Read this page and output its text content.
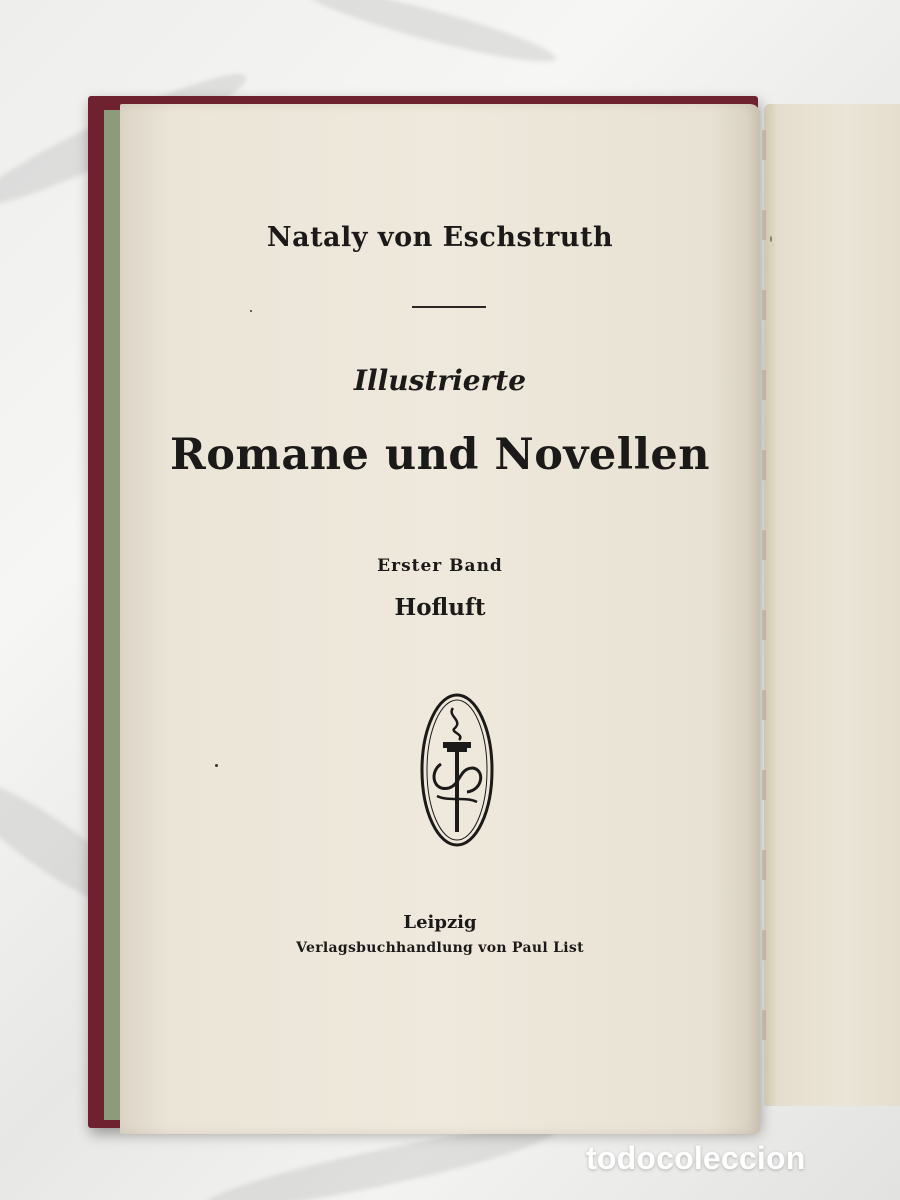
Nataly von Eschstruth
Illustrierte
Romane und Novellen
Erster Band
Hofluft
Leipzig
Verlagsbuchhandlung von Paul List
todocoleccion
